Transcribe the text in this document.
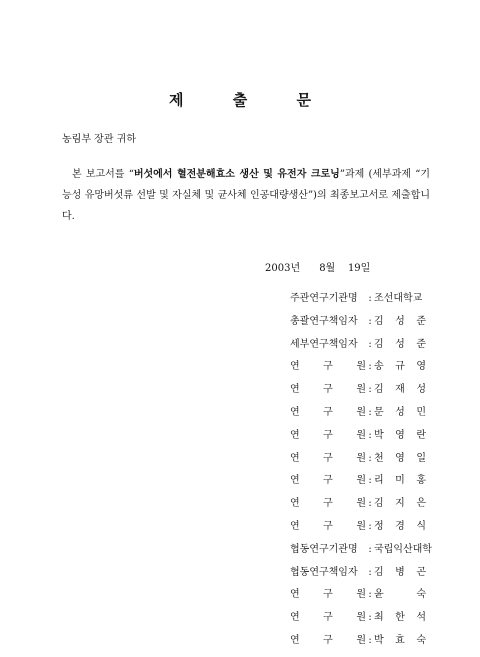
제 출 문
농림부 장관 귀하
본 보고서를 “버섯에서 혈전분해효소 생산 및 유전자 크로닝”과제 (세부과제 “기능성 유망버섯류 선발 및 자실체 및 균사체 인공대량생산”)의 최종보고서로 제출합니다.
2003년 8월 19일
주관연구기관명	: 조선대학교
총괄연구책임자	: 김 성 준
세부연구책임자	: 김 성 준
연 구 원 : 송 규 영
연 구 원 : 김 재 성
연 구 원 : 문 성 민
연 구 원 : 박 영 란
연 구 원 : 천 영 일
연 구 원 : 리 미 홍
연 구 원 : 김 지 은
연 구 원 : 정 경 식
협동연구기관명	: 국립익산대학
협동연구책임자	: 김 병 곤
연 구 원 : 윤	숙
연 구 원 : 최 한 석
연 구 원 : 박 효 숙
